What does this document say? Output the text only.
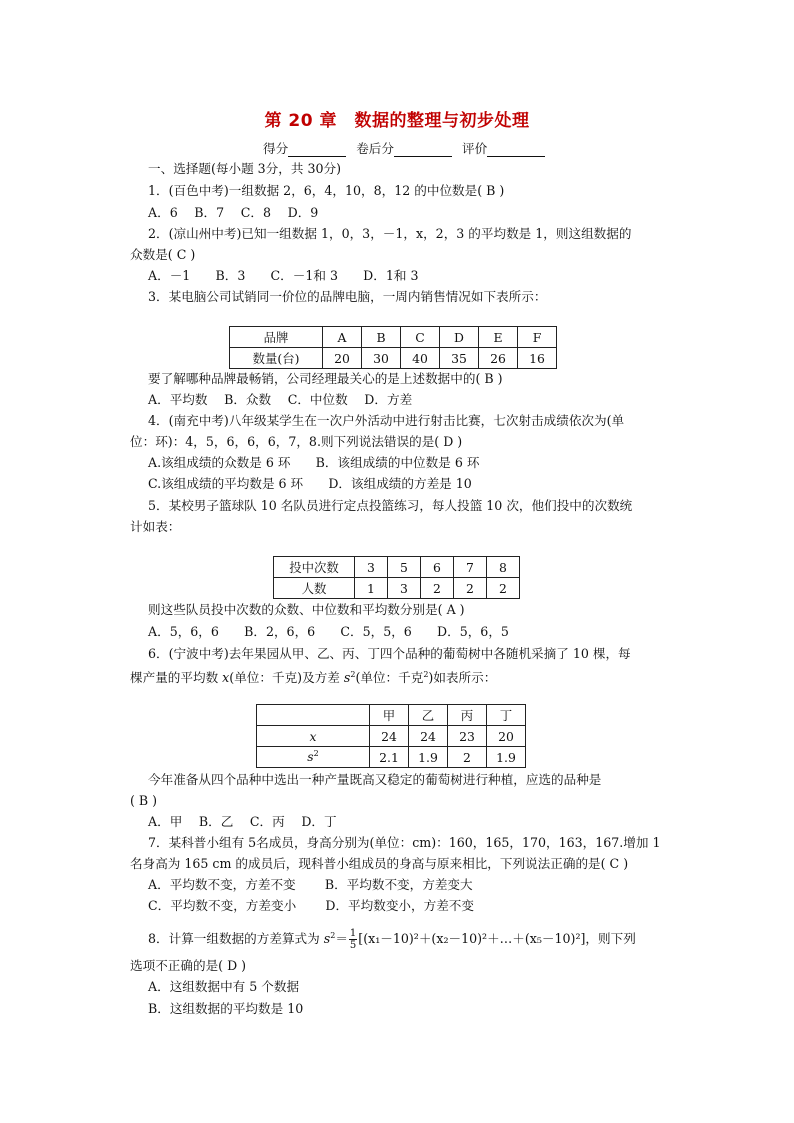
第 20 章　数据的整理与初步处理
得分	卷后分	评价
一、选择题(每小题 3分，共 30分)
1．(百色中考)一组数据 2，6，4，10，8，12 的中位数是( B )
A．6　 B．7　 C．8　 D．9
2．(凉山州中考)已知一组数据 1，0，3，－1，x，2，3 的平均数是 1，则这组数据的
众数是( C )
A．－1　　B．3　　C．－1和 3　　D．1和 3
3．某电脑公司试销同一价位的品牌电脑，一周内销售情况如下表所示：
品牌	A	B	C	D	E	F
数量(台)	20	30	40	35	26	16
要了解哪种品牌最畅销，公司经理最关心的是上述数据中的( B )
A．平均数　 B．众数　 C．中位数　 D．方差
4．(南充中考)八年级某学生在一次户外活动中进行射击比赛，七次射击成绩依次为(单
位：环)：4，5，6，6，6，7，8.则下列说法错误的是( D )
A.该组成绩的众数是 6 环　　B．该组成绩的中位数是 6 环
C.该组成绩的平均数是 6 环　　D．该组成绩的方差是 10
5．某校男子篮球队 10 名队员进行定点投篮练习，每人投篮 10 次，他们投中的次数统
计如表：
投中次数	3	5	6	7	8
人数	1	3	2	2	2
则这些队员投中次数的众数、中位数和平均数分别是( A )
A．5，6，6　　B．2，6，6　　C．5，5，6　　D．5，6，5
6．(宁波中考)去年果园从甲、乙、丙、丁四个品种的葡萄树中各随机采摘了 10 棵，每
棵产量的平均数 x(单位：千克)及方差 $s^2$(单位：千克$^2$)如表所示：
	甲	乙	丙	丁
x	24	24	23	20
$s^2$	2.1	1.9	2	1.9
今年准备从四个品种中选出一种产量既高又稳定的葡萄树进行种植，应选的品种是
( B )
A．甲　 B．乙　 C．丙　 D．丁
7．某科普小组有 5名成员，身高分别为(单位：cm)：160，165，170，163，167.增加 1
名身高为 165 cm 的成员后，现科普小组成员的身高与原来相比，下列说法正确的是( C )
A．平均数不变，方差不变　　 B．平均数不变，方差变大
C．平均数不变，方差变小　　 D．平均数变小，方差不变
8．计算一组数据的方差算式为 $s^2= \frac{1}{5}$ [(x₁－10)²＋(x₂－10)²＋…＋(x₅－10)²]，则下列
选项不正确的是( D )
A．这组数据中有 5 个数据
B．这组数据的平均数是 10
